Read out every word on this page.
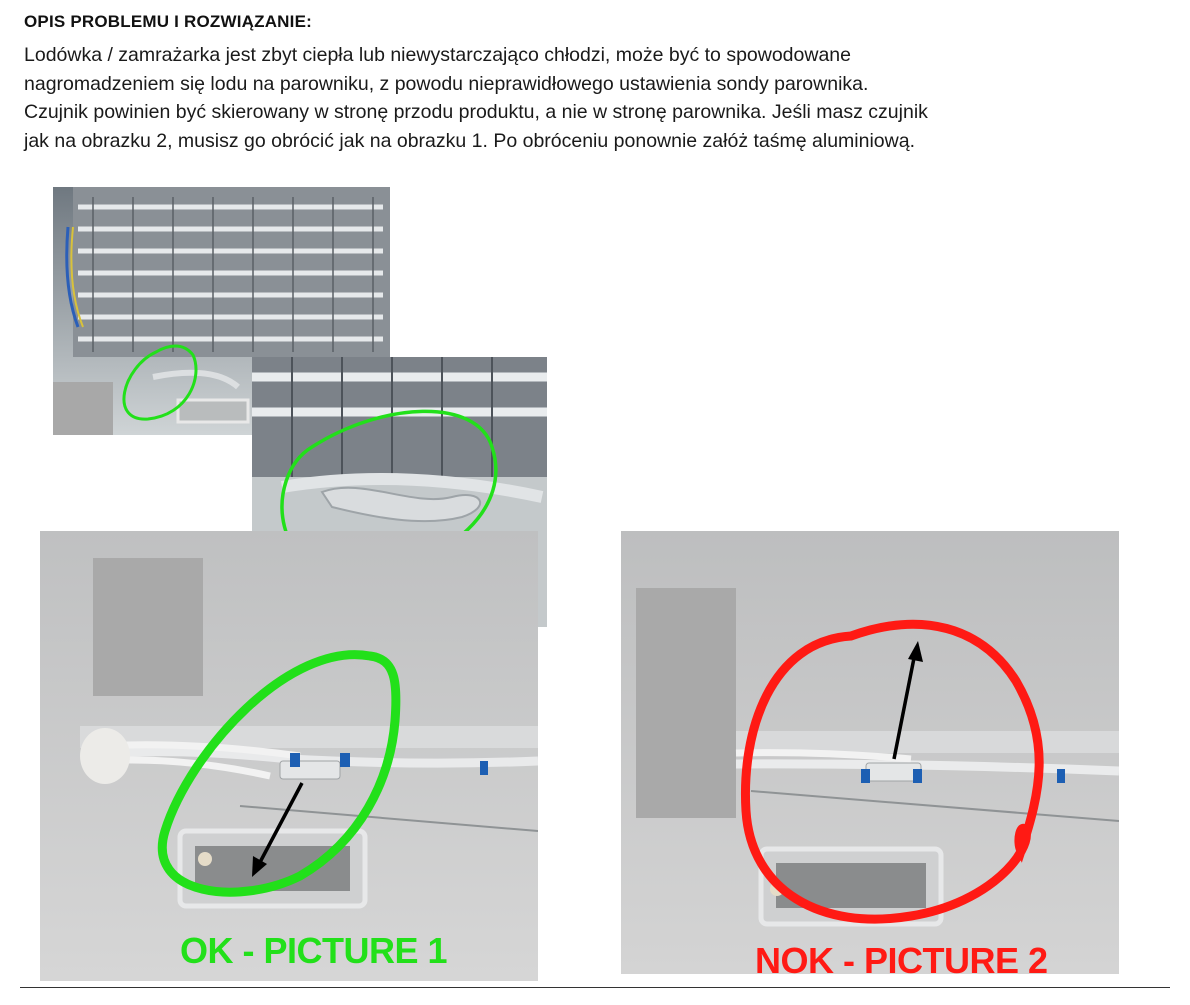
OPIS PROBLEMU I ROZWIĄZANIE:
Lodówka / zamrażarka jest zbyt ciepła lub niewystarczająco chłodzi, może być to spowodowane
nagromadzeniem się lodu na parowniku, z powodu nieprawidłowego ustawienia sondy parownika.
Czujnik powinien być skierowany w stronę przodu produktu, a nie w stronę parownika. Jeśli masz czujnik
jak na obrazku 2, musisz go obrócić jak na obrazku 1. Po obróceniu ponownie załóż taśmę aluminiową.
OK - PICTURE 1	NOK - PICTURE 2
